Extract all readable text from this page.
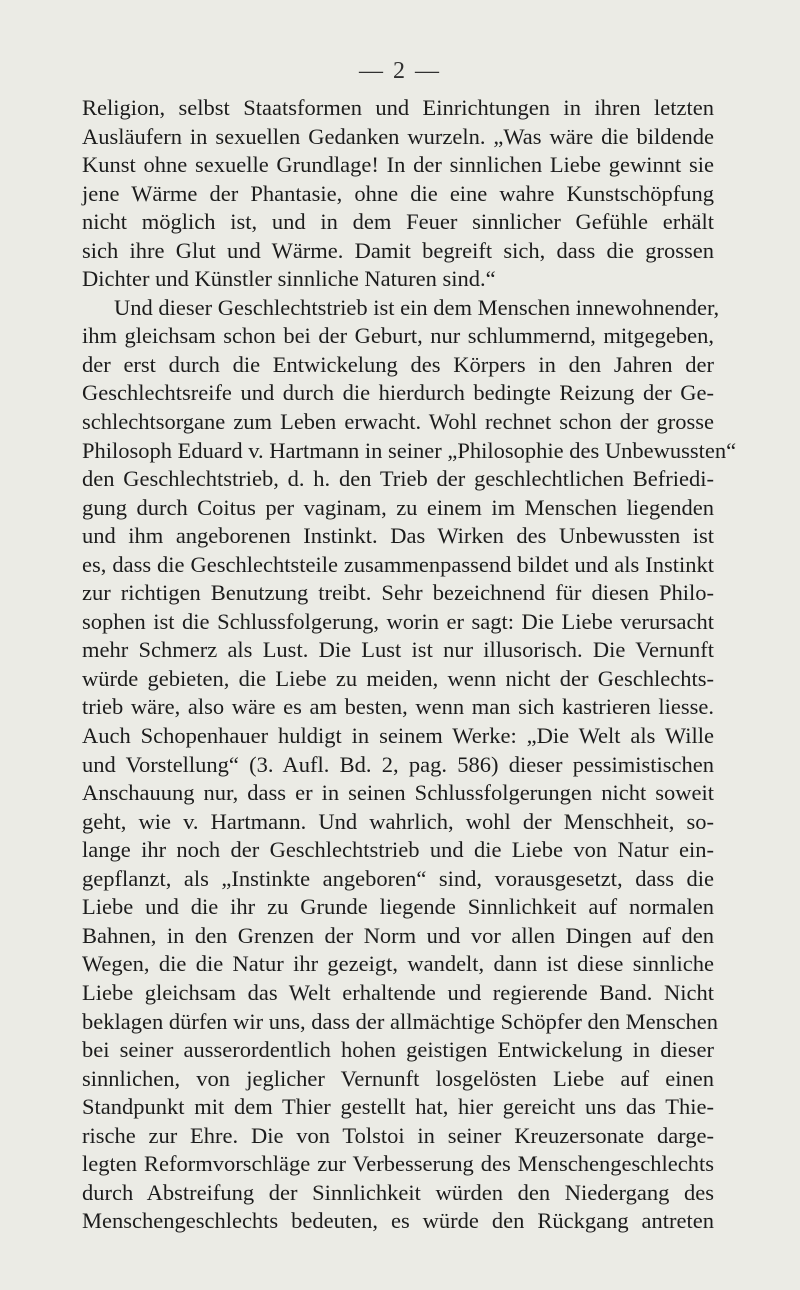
— 2 —
Religion, selbst Staatsformen und Einrichtungen in ihren letzten
Ausläufern in sexuellen Gedanken wurzeln. „Was wäre die bildende
Kunst ohne sexuelle Grundlage! In der sinnlichen Liebe gewinnt sie
jene Wärme der Phantasie, ohne die eine wahre Kunstschöpfung
nicht möglich ist, und in dem Feuer sinnlicher Gefühle erhält
sich ihre Glut und Wärme. Damit begreift sich, dass die grossen
Dichter und Künstler sinnliche Naturen sind.“
Und dieser Geschlechtstrieb ist ein dem Menschen innewohnender,
ihm gleichsam schon bei der Geburt, nur schlummernd, mitgegeben,
der erst durch die Entwickelung des Körpers in den Jahren der
Geschlechtsreife und durch die hierdurch bedingte Reizung der Ge-
schlechtsorgane zum Leben erwacht. Wohl rechnet schon der grosse
Philosoph Eduard v. Hartmann in seiner „Philosophie des Unbewussten“
den Geschlechtstrieb, d. h. den Trieb der geschlechtlichen Befriedi-
gung durch Coitus per vaginam, zu einem im Menschen liegenden
und ihm angeborenen Instinkt. Das Wirken des Unbewussten ist
es, dass die Geschlechtsteile zusammenpassend bildet und als Instinkt
zur richtigen Benutzung treibt. Sehr bezeichnend für diesen Philo-
sophen ist die Schlussfolgerung, worin er sagt: Die Liebe verursacht
mehr Schmerz als Lust. Die Lust ist nur illusorisch. Die Vernunft
würde gebieten, die Liebe zu meiden, wenn nicht der Geschlechts-
trieb wäre, also wäre es am besten, wenn man sich kastrieren liesse.
Auch Schopenhauer huldigt in seinem Werke: „Die Welt als Wille
und Vorstellung“ (3. Aufl. Bd. 2, pag. 586) dieser pessimistischen
Anschauung nur, dass er in seinen Schlussfolgerungen nicht soweit
geht, wie v. Hartmann. Und wahrlich, wohl der Menschheit, so-
lange ihr noch der Geschlechtstrieb und die Liebe von Natur ein-
gepflanzt, als „Instinkte angeboren“ sind, vorausgesetzt, dass die
Liebe und die ihr zu Grunde liegende Sinnlichkeit auf normalen
Bahnen, in den Grenzen der Norm und vor allen Dingen auf den
Wegen, die die Natur ihr gezeigt, wandelt, dann ist diese sinnliche
Liebe gleichsam das Welt erhaltende und regierende Band. Nicht
beklagen dürfen wir uns, dass der allmächtige Schöpfer den Menschen
bei seiner ausserordentlich hohen geistigen Entwickelung in dieser
sinnlichen, von jeglicher Vernunft losgelösten Liebe auf einen
Standpunkt mit dem Thier gestellt hat, hier gereicht uns das Thie-
rische zur Ehre. Die von Tolstoi in seiner Kreuzersonate darge-
legten Reformvorschläge zur Verbesserung des Menschengeschlechts
durch Abstreifung der Sinnlichkeit würden den Niedergang des
Menschengeschlechts bedeuten, es würde den Rückgang antreten
